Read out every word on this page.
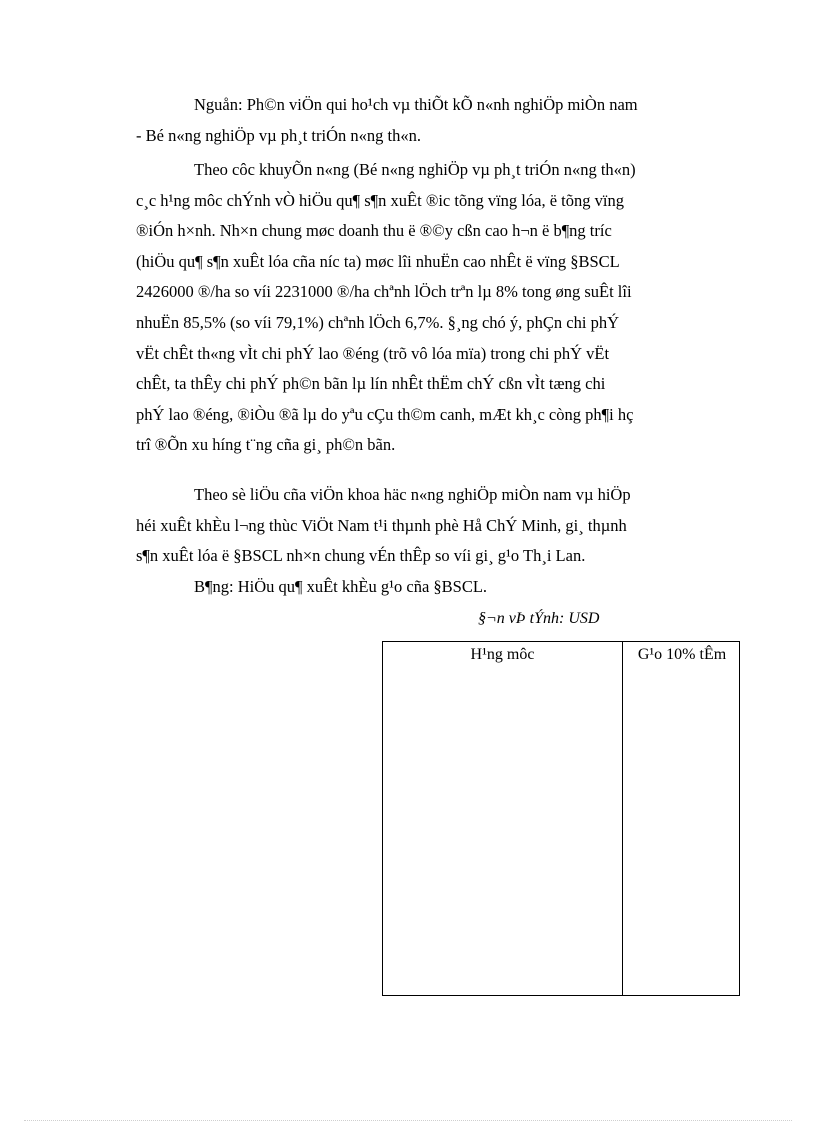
Nguån: Ph©n viÖn qui ho¹ch vµ thiÕt kÕ n«nh nghiÖp miÒn nam
- Bé n«ng nghiÖp vµ ph¸t triÓn n«ng th«n.
Theo côc khuyÕn n«ng (Bé n«ng nghiÖp vµ ph¸t triÓn n«ng th«n)
c¸c h¹ng môc chÝnh vÒ hiÖu qu¶ s¶n xuÊt ®ic tõng vïng lóa, ë tõng vïng
®iÓn h×nh. Nh×n chung møc doanh thu ë ®©y cßn cao h¬n ë b¶ng tríc
(hiÖu qu¶ s¶n xuÊt lóa cña níc ta) møc lîi nhuËn cao nhÊt ë vïng §BSCL
2426000 ®/ha so víi 2231000 ®/ha chªnh lÖch trªn lµ 8% tong øng suÊt lîi
nhuËn 85,5% (so víi 79,1%) chªnh lÖch 6,7%. §¸ng chó ý, phÇn chi phÝ
vËt chÊt th«ng vÌt chi phÝ lao ®éng (trõ vô lóa mïa) trong chi phÝ vËt
chÊt, ta thÊy chi phÝ ph©n bãn lµ lín nhÊt thËm chÝ cßn vÌt tæng chi
phÝ lao ®éng, ®iÒu ®ã lµ do yªu cÇu th©m canh, mÆt kh¸c còng ph¶i hç
trî ®Õn xu híng t¨ng cña gi¸ ph©n bãn.
Theo sè liÖu cña viÖn khoa häc n«ng nghiÖp miÒn nam vµ hiÖp
héi xuÊt khÈu l¬ng thùc ViÖt Nam t¹i thµnh phè Hå ChÝ Minh, gi¸ thµnh
s¶n xuÊt lóa ë §BSCL nh×n chung vÉn thÊp so víi gi¸ g¹o Th¸i Lan.
B¶ng: HiÖu qu¶ xuÊt khÈu g¹o cña §BSCL.
§¬n vÞ tÝnh: USD
H¹ng môc	G¹o 10% tÊm
